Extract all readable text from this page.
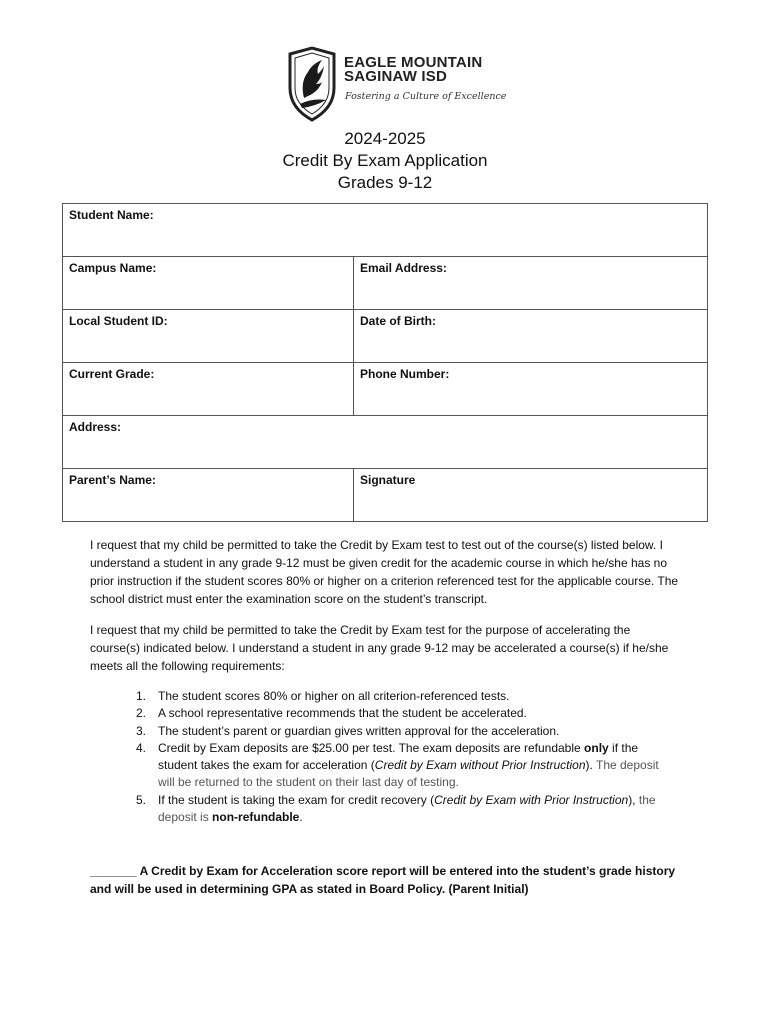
EAGLE MOUNTAIN
SAGINAW ISD
Fostering a Culture of Excellence
2024-2025
Credit By Exam Application
Grades 9-12
Student Name:	
Campus Name:	Email Address:
Local Student ID:	Date of Birth:
Current Grade:	Phone Number:
Address:	
Parent’s Name:	Signature

I request that my child be permitted to take the Credit by Exam test to test out of the course(s) listed below. I understand a student in any grade 9-12 must be given credit for the academic course in which he/she has no prior instruction if the student scores 80% or higher on a criterion referenced test for the applicable course. The school district must enter the examination score on the student’s transcript.

I request that my child be permitted to take the Credit by Exam test for the purpose of accelerating the course(s) indicated below. I understand a student in any grade 9-12 may be accelerated a course(s) if he/she meets all the following requirements:

1. The student scores 80% or higher on all criterion-referenced tests.
2. A school representative recommends that the student be accelerated.
3. The student’s parent or guardian gives written approval for the acceleration.
4. Credit by Exam deposits are $25.00 per test. The exam deposits are refundable only if the student takes the exam for acceleration (Credit by Exam without Prior Instruction). The deposit will be returned to the student on their last day of testing.
5. If the student is taking the exam for credit recovery (Credit by Exam with Prior Instruction), the deposit is non-refundable.

_______ A Credit by Exam for Acceleration score report will be entered into the student’s grade history and will be used in determining GPA as stated in Board Policy. (Parent Initial)
